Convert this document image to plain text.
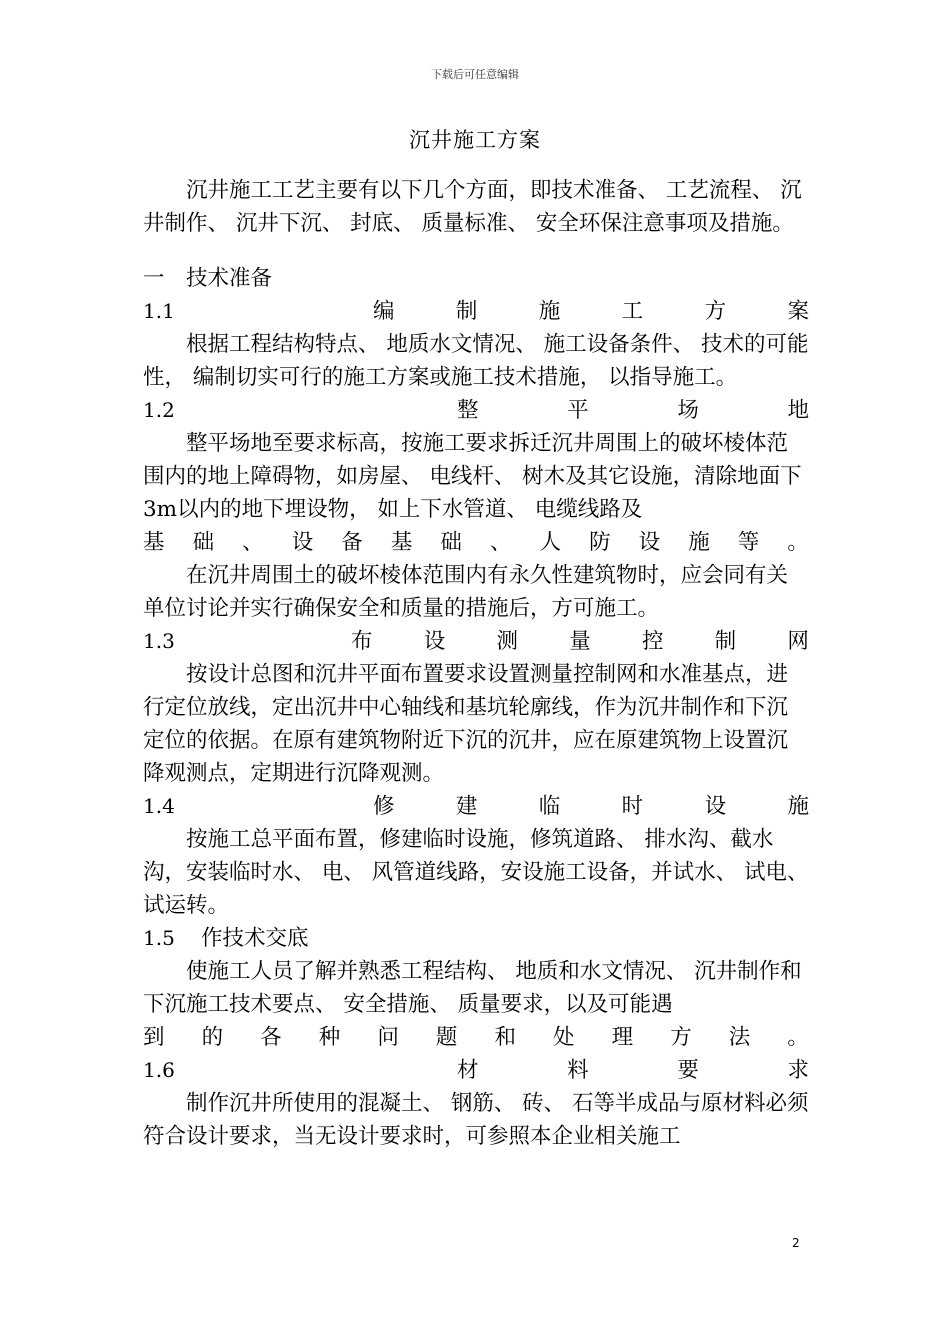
下载后可任意编辑
沉井施工方案

沉井施工工艺主要有以下几个方面，即技术准备、 工艺流程、 沉井制作、 沉井下沉、 封底、 质量标准、 安全环保注意事项及措施。

一　技术准备
1.1	编	制	施	工	方	案

根据工程结构特点、 地质水文情况、 施工设备条件、 技术的可能性， 编制切实可行的施工方案或施工技术措施， 以指导施工。

1.2	整	平	场	地

整平场地至要求标高，按施工要求拆迁沉井周围上的破坏棱体范围内的地上障碍物，如房屋、 电线杆、 树木及其它设施，清除地面下3m以内的地下埋设物， 如上下水管道、 电缆线路及

基 础 、 设 备 基 础 、 人 防 设 施 等 。

在沉井周围土的破坏棱体范围内有永久性建筑物时，应会同有关单位讨论并实行确保安全和质量的措施后，方可施工。

1.3	布 设 测 量 控 制 网

按设计总图和沉井平面布置要求设置测量控制网和水准基点，进行定位放线，定出沉井中心轴线和基坑轮廓线，作为沉井制作和下沉定位的依据。在原有建筑物附近下沉的沉井，应在原建筑物上设置沉降观测点，定期进行沉降观测。

1.4	修	建	临	时	设	施

按施工总平面布置，修建临时设施，修筑道路、 排水沟、截水沟，安装临时水、 电、 风管道线路，安设施工设备，并试水、 试电、 试运转。

1.5 作技术交底

使施工人员了解并熟悉工程结构、 地质和水文情况、 沉井制作和下沉施工技术要点、 安全措施、 质量要求，以及可能遇

到 的 各 种 问 题 和 处 理 方 法 。
1.6	材	料	要	求

制作沉井所使用的混凝土、 钢筋、 砖、 石等半成品与原材料必须符合设计要求，当无设计要求时，可参照本企业相关施工

2
